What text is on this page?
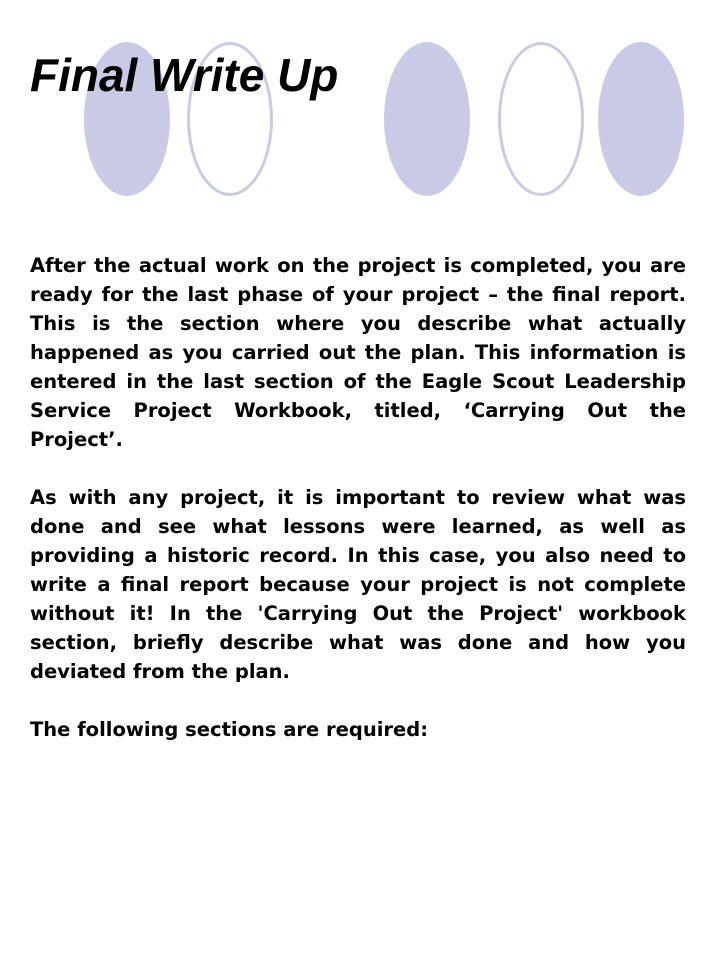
Final Write Up

After the actual work on the project is completed, you are ready for the last phase of your project – the final report. This is the section where you describe what actually happened as you carried out the plan. This information is entered in the last section of the Eagle Scout Leadership Service Project Workbook, titled, ‘Carrying Out the Project’.

As with any project, it is important to review what was done and see what lessons were learned, as well as providing a historic record. In this case, you also need to write a final report because your project is not complete without it! In the 'Carrying Out the Project' workbook section, briefly describe what was done and how you deviated from the plan.

The following sections are required:
